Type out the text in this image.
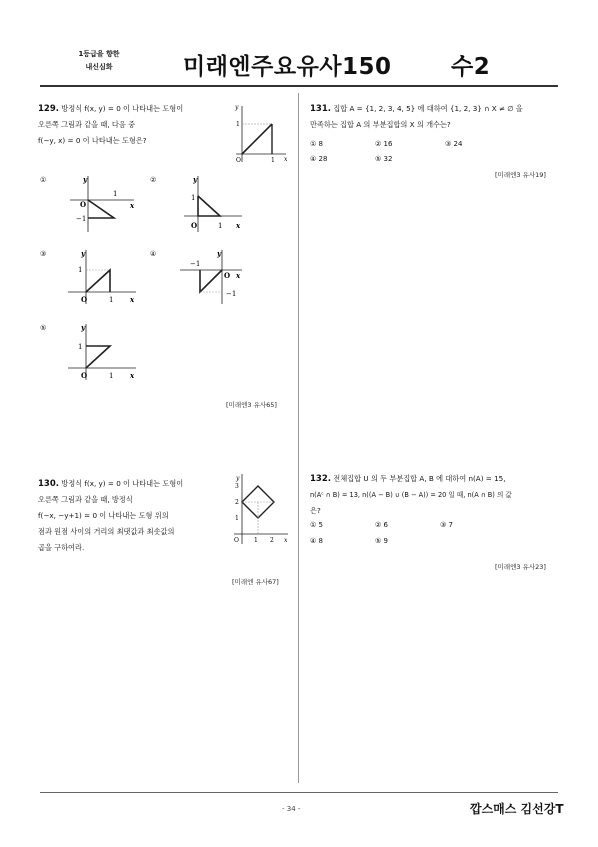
1등급을 향한
내신심화	미래엔주요유사150	수2
129. 방정식 f(x, y) = 0 이 나타내는 도형이
오른쪽 그림과 같을 때, 다음 중
f(−y, x) = 0 이 나타내는 도형은?
x
y
O
1
1
①	②
③	④
⑤
x
y
O
1
−1
x
y
O
1
1
x
y
O
1
1
x
y
O
−1
−1
x
y
O
1
1
[미래엔3 유사65]
130. 방정식 f(x, y) = 0 이 나타내는 도형이
오른쪽 그림과 같을 때, 방정식
f(−x, −y+1) = 0 이 나타내는 도형 위의
점과 원점 사이의 거리의 최댓값과 최솟값의
곱을 구하여라.
x
y
O
1
2
3
1 2
[미래엔 유사67]
131. 집합 A = {1, 2, 3, 4, 5} 에 대하여 {1, 2, 3} ∩ X ≠ ∅ 을
만족하는 집합 A 의 부분집합의 X 의 개수는?
① 8	② 16	③ 24
④ 28	⑤ 32
[미래엔3 유사19]
132. 전체집합 U 의 두 부분집합 A, B 에 대하여 n(A) = 15,
n(Aᶜ ∩ B) = 13, n((A − B) ∪ (B − A)) = 20 일 때, n(A ∩ B) 의 값
은?
① 5	② 6	③ 7
④ 8	⑤ 9
[미래엔3 유사23]
- 34 -	깝스매스 김선강T
